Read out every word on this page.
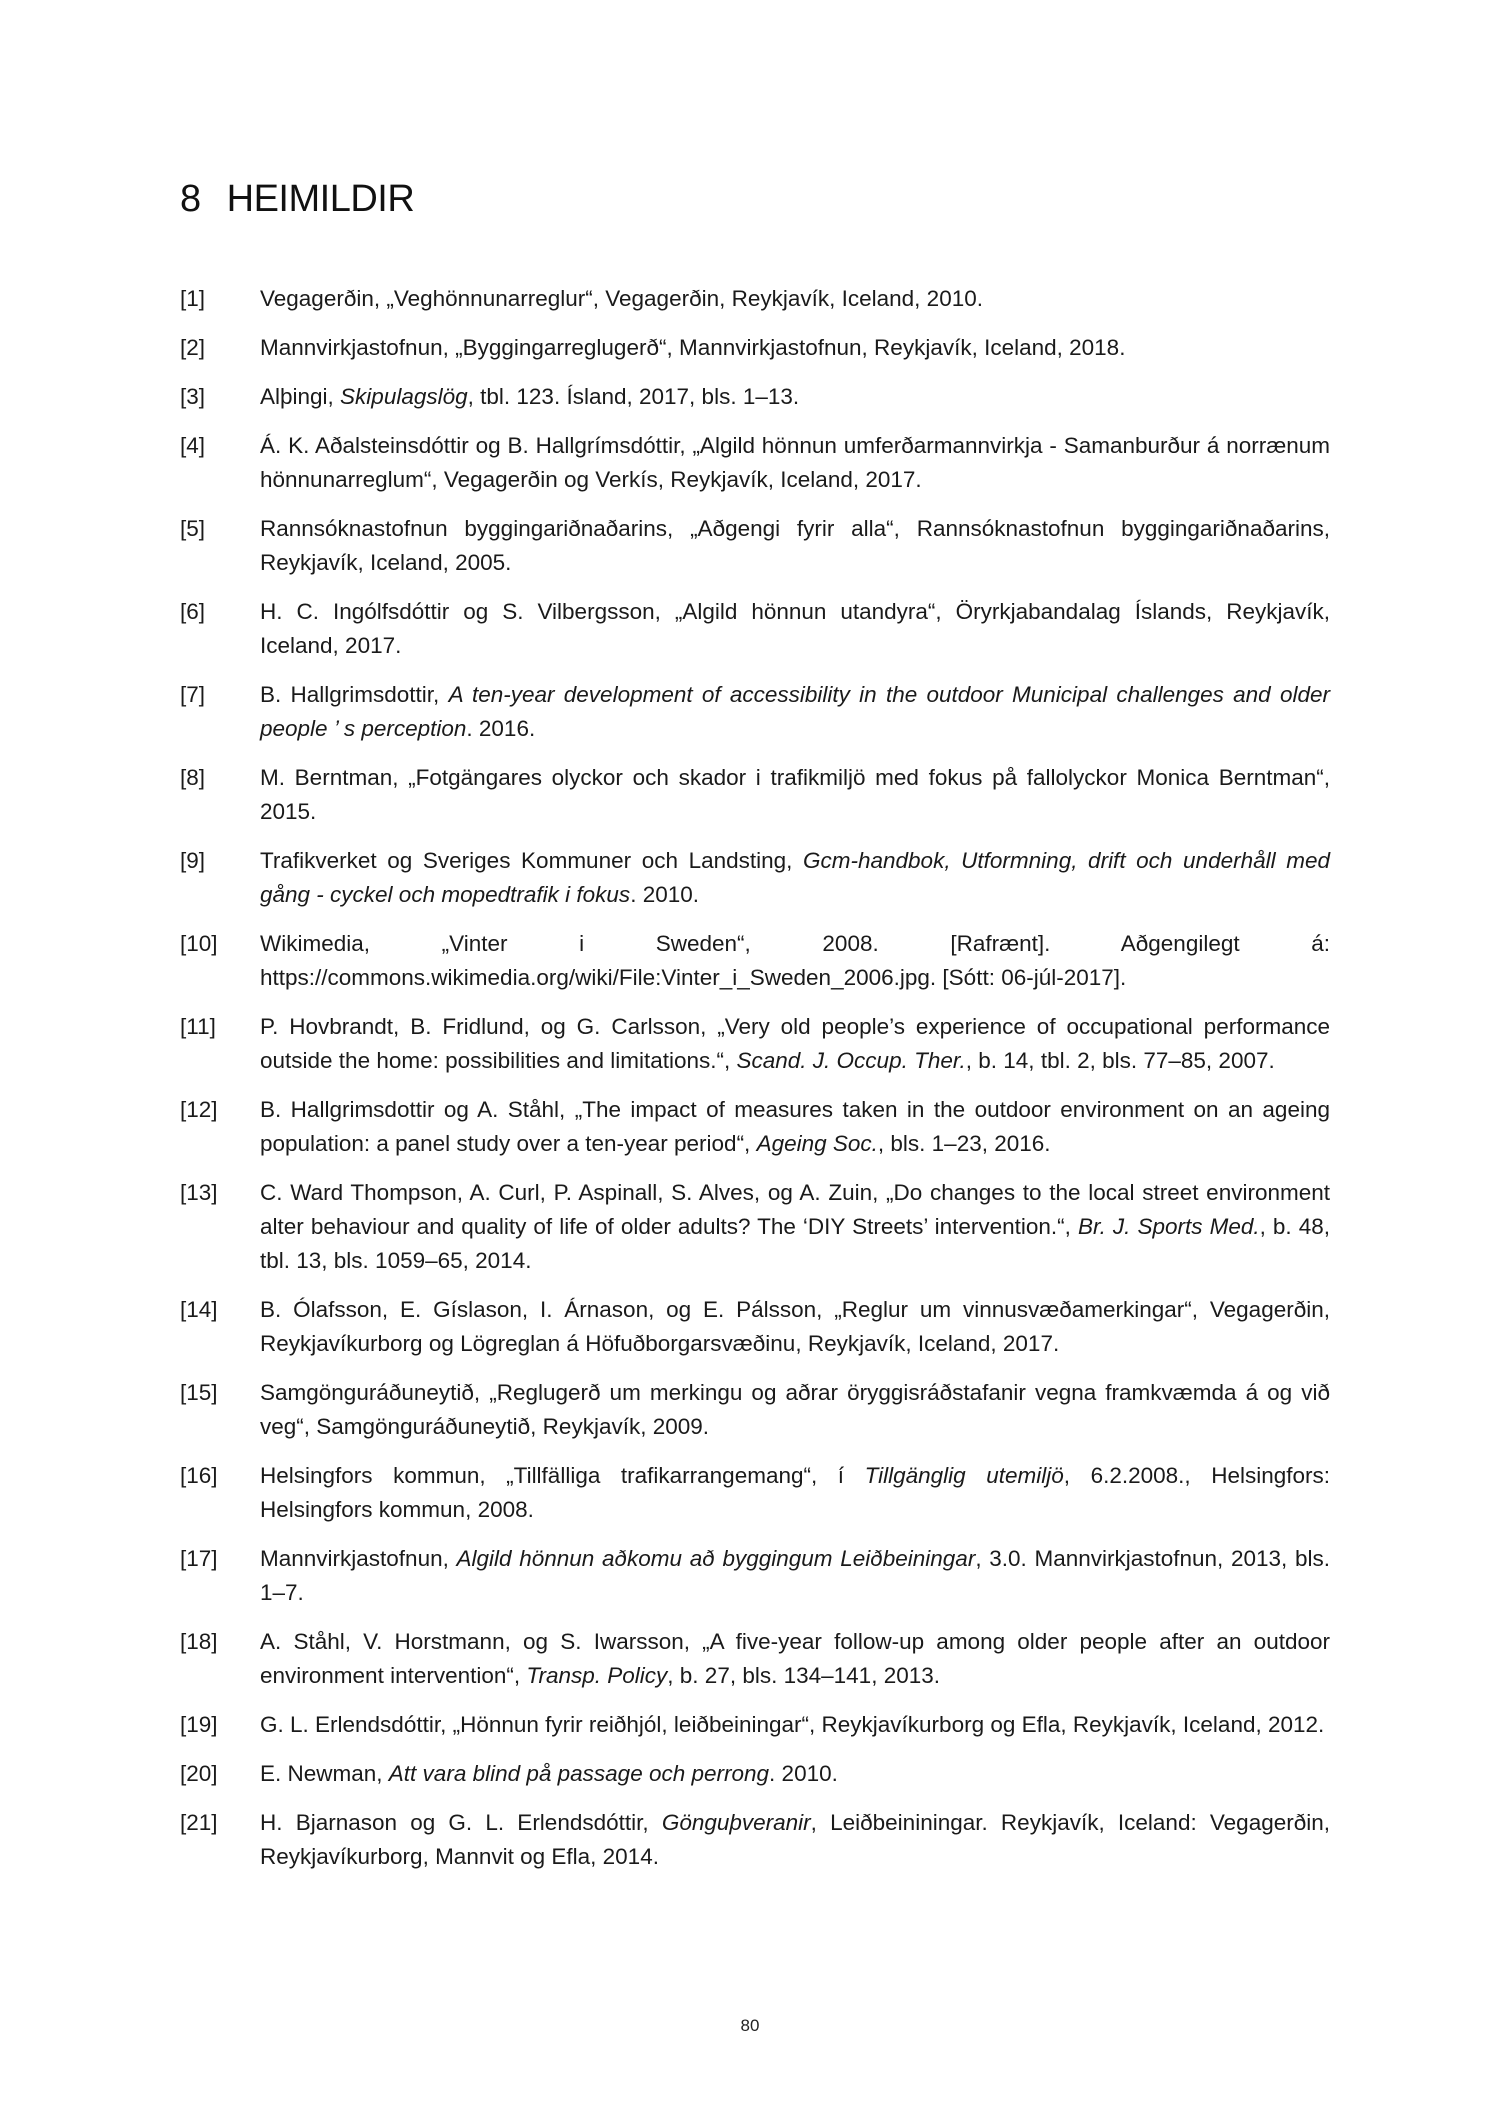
8 HEIMILDIR
[1]	Vegagerðin, „Veghönnunarreglur“, Vegagerðin, Reykjavík, Iceland, 2010.
[2]	Mannvirkjastofnun, „Byggingarreglugerð“, Mannvirkjastofnun, Reykjavík, Iceland, 2018.
[3]	Alþingi, Skipulagslög, tbl. 123. Ísland, 2017, bls. 1–13.
[4]	Á. K. Aðalsteinsdóttir og B. Hallgrímsdóttir, „Algild hönnun umferðarmannvirkja - Samanburður á norrænum hönnunarreglum“, Vegagerðin og Verkís, Reykjavík, Iceland, 2017.
[5]	Rannsóknastofnun byggingariðnaðarins, „Aðgengi fyrir alla“, Rannsóknastofnun byggingariðnaðarins, Reykjavík, Iceland, 2005.
[6]	H. C. Ingólfsdóttir og S. Vilbergsson, „Algild hönnun utandyra“, Öryrkjabandalag Íslands, Reykjavík, Iceland, 2017.
[7]	B. Hallgrimsdottir, A ten-year development of accessibility in the outdoor Municipal challenges and older people ’ s perception. 2016.
[8]	M. Berntman, „Fotgängares olyckor och skador i trafikmiljö med fokus på fallolyckor Monica Berntman“, 2015.
[9]	Trafikverket og Sveriges Kommuner och Landsting, Gcm-handbok, Utformning, drift och underhåll med gång - cyckel och mopedtrafik i fokus. 2010.
[10]	Wikimedia, „Vinter i Sweden“, 2008. [Rafrænt]. Aðgengilegt á: https://commons.wikimedia.org/wiki/File:Vinter_i_Sweden_2006.jpg. [Sótt: 06-júl-2017].
[11]	P. Hovbrandt, B. Fridlund, og G. Carlsson, „Very old people’s experience of occupational performance outside the home: possibilities and limitations.“, Scand. J. Occup. Ther., b. 14, tbl. 2, bls. 77–85, 2007.
[12]	B. Hallgrimsdottir og A. Ståhl, „The impact of measures taken in the outdoor environment on an ageing population: a panel study over a ten-year period“, Ageing Soc., bls. 1–23, 2016.
[13]	C. Ward Thompson, A. Curl, P. Aspinall, S. Alves, og A. Zuin, „Do changes to the local street environment alter behaviour and quality of life of older adults? The ‘DIY Streets’ intervention.“, Br. J. Sports Med., b. 48, tbl. 13, bls. 1059–65, 2014.
[14]	B. Ólafsson, E. Gíslason, I. Árnason, og E. Pálsson, „Reglur um vinnusvæðamerkingar“, Vegagerðin, Reykjavíkurborg og Lögreglan á Höfuðborgarsvæðinu, Reykjavík, Iceland, 2017.
[15]	Samgönguráðuneytið, „Reglugerð um merkingu og aðrar öryggisráðstafanir vegna framkvæmda á og við veg“, Samgönguráðuneytið, Reykjavík, 2009.
[16]	Helsingfors kommun, „Tillfälliga trafikarrangemang“, í Tillgänglig utemiljö, 6.2.2008., Helsingfors: Helsingfors kommun, 2008.
[17]	Mannvirkjastofnun, Algild hönnun aðkomu að byggingum Leiðbeiningar, 3.0. Mannvirkjastofnun, 2013, bls. 1–7.
[18]	A. Ståhl, V. Horstmann, og S. Iwarsson, „A five-year follow-up among older people after an outdoor environment intervention“, Transp. Policy, b. 27, bls. 134–141, 2013.
[19]	G. L. Erlendsdóttir, „Hönnun fyrir reiðhjól, leiðbeiningar“, Reykjavíkurborg og Efla, Reykjavík, Iceland, 2012.
[20]	E. Newman, Att vara blind på passage och perrong. 2010.
[21]	H. Bjarnason og G. L. Erlendsdóttir, Gönguþveranir, Leiðbeininingar. Reykjavík, Iceland: Vegagerðin, Reykjavíkurborg, Mannvit og Efla, 2014.
80
